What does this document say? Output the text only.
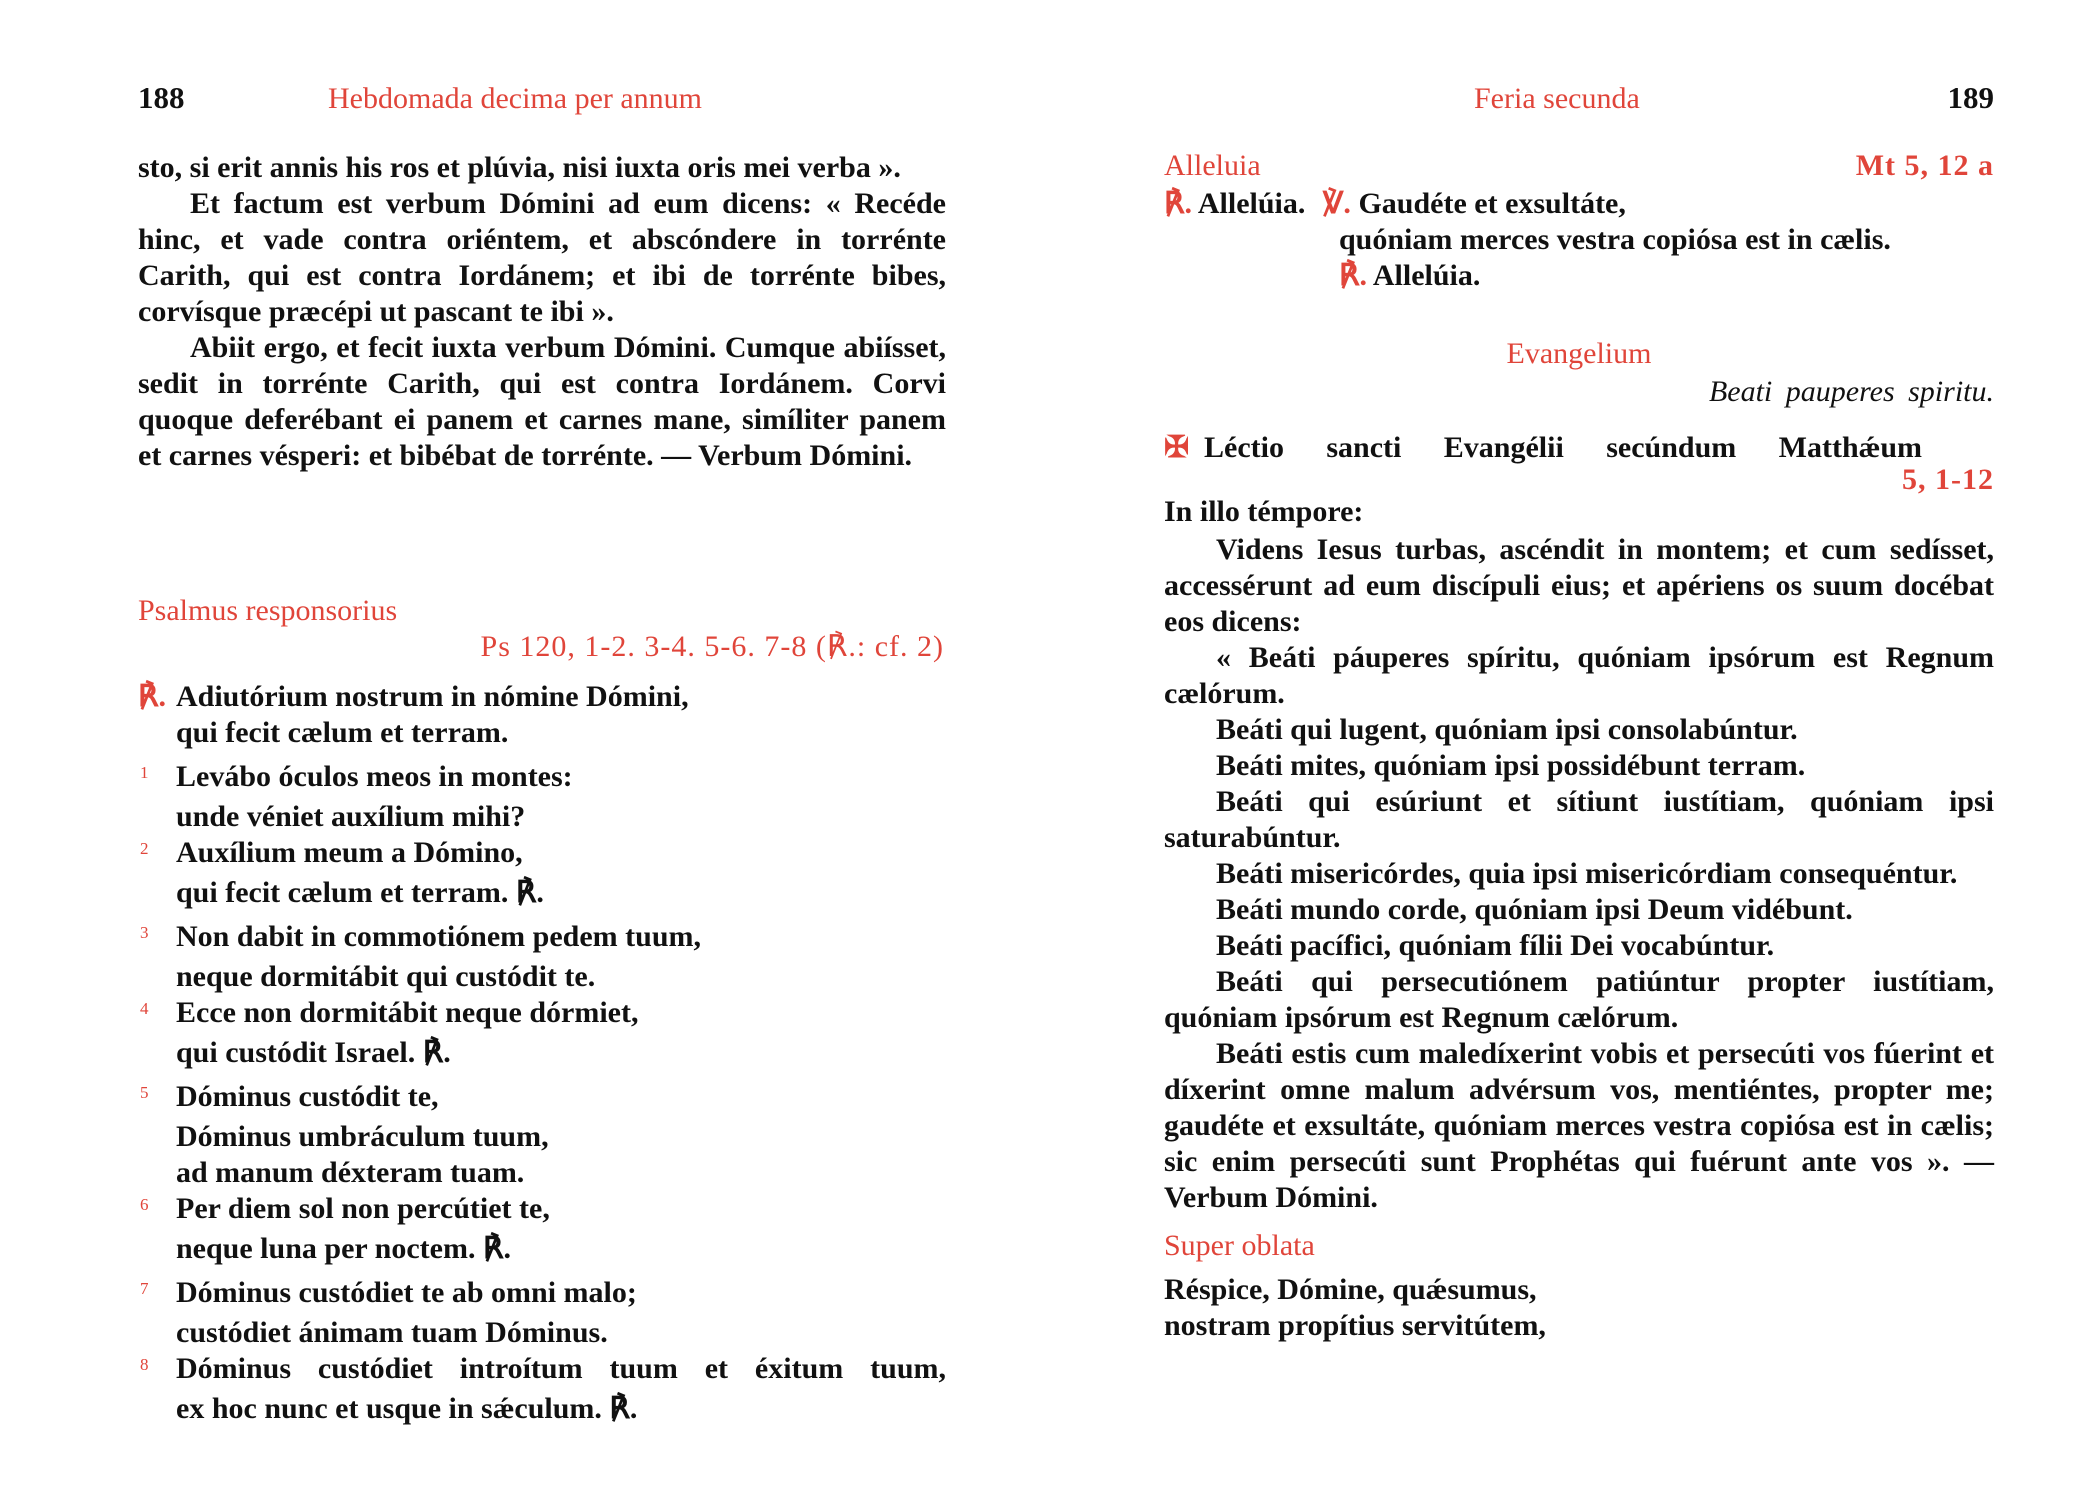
188	Hebdomada decima per annum

sto, si erit annis his ros et plúvia, nisi iuxta oris mei verba ».

Et factum est verbum Dómini ad eum dicens: « Recéde hinc, et vade contra oriéntem, et abscóndere in torrénte Carith, qui est contra Iordánem; et ibi de torrénte bibes, corvísque præcépi ut pascant te ibi ».

Abiit ergo, et fecit iuxta verbum Dómini. Cumque abiísset, sedit in torrénte Carith, qui est contra Iordánem. Corvi quoque deferébant ei panem et carnes mane, simíliter panem et carnes vésperi: et bibébat de torrénte. — Verbum Dómini.

Psalmus responsorius
Ps 120, 1-2. 3-4. 5-6. 7-8 (℟.: cf. 2)
℟. Adiutórium nostrum in nómine Dómini,
qui fecit cælum et terram.
1 Levábo óculos meos in montes:
unde véniet auxílium mihi?
2 Auxílium meum a Dómino,
qui fecit cælum et terram. ℟.
3 Non dabit in commotiónem pedem tuum,
neque dormitábit qui custódit te.
4 Ecce non dormitábit neque dórmiet,
qui custódit Israel. ℟.
5 Dóminus custódit te,
Dóminus umbráculum tuum,
ad manum déxteram tuam.
6 Per diem sol non percútiet te,
neque luna per noctem. ℟.
7 Dóminus custódiet te ab omni malo;
custódiet ánimam tuam Dóminus.
8 Dóminus custódiet introítum tuum et éxitum tuum,
ex hoc nunc et usque in sǽculum. ℟.
Feria secunda	189
Alleluia	Mt 5, 12 a
℟. Allelúia. ℣. Gaudéte et exsultáte,
quóniam merces vestra copiósa est in cælis.
℟. Allelúia.
Evangelium
Beati pauperes spiritu.
✠ Léctio sancti Evangélii secúndum Matthǽum
5, 1-12
In illo témpore:

Videns Iesus turbas, ascéndit in montem; et cum sedísset, accessérunt ad eum discípuli eius; et apériens os suum docébat eos dicens:

« Beáti páuperes spíritu, quóniam ipsórum est Regnum cælórum.

Beáti qui lugent, quóniam ipsi consolabúntur.

Beáti mites, quóniam ipsi possidébunt terram.

Beáti qui esúriunt et sítiunt iustítiam, quóniam ipsi saturabúntur.

Beáti misericórdes, quia ipsi misericórdiam consequéntur.

Beáti mundo corde, quóniam ipsi Deum vidébunt.

Beáti pacífici, quóniam fílii Dei vocabúntur.

Beáti qui persecutiónem patiúntur propter iustítiam, quóniam ipsórum est Regnum cælórum.

Beáti estis cum maledíxerint vobis et persecúti vos fúerint et díxerint omne malum advérsum vos, mentiéntes, propter me; gaudéte et exsultáte, quóniam merces vestra copiósa est in cælis; sic enim persecúti sunt Prophétas qui fuérunt ante vos ». — Verbum Dómini.

Super oblata
Réspice, Dómine, quǽsumus,
nostram propítius servitútem,
